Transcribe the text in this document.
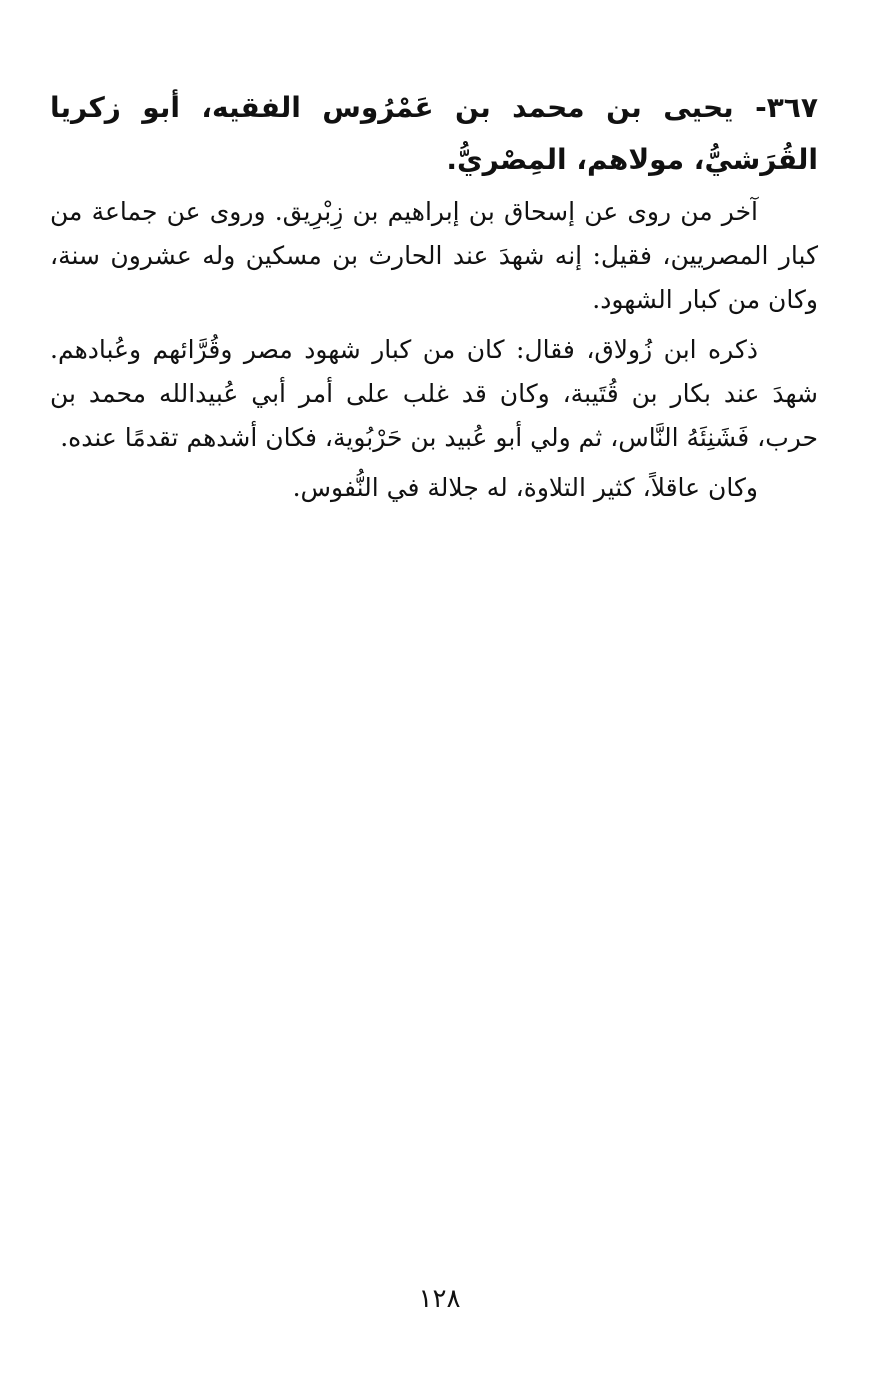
٣٦٧- يحيى بن محمد بن عَمْرُوس الفقيه، أبو زكريا القُرَشيُّ، مولاهم، المِصْريُّ.

آخر من روى عن إسحاق بن إبراهيم بن زِبْرِيق. وروى عن جماعة من كبار المصريين، فقيل: إنه شهدَ عند الحارث بن مسكين وله عشرون سنة، وكان من كبار الشهود.

ذكره ابن زُولاق، فقال: كان من كبار شهود مصر وقُرَّائهم وعُبادهم. شهدَ عند بكار بن قُتَيبة، وكان قد غلب على أمر أبي عُبيدالله محمد بن حرب، فَشَنِئَهُ النَّاس، ثم ولي أبو عُبيد بن حَرْبُوية، فكان أشدهم تقدمًا عنده.

وكان عاقلاً، كثير التلاوة، له جلالة في النُّفوس.

١٢٨
